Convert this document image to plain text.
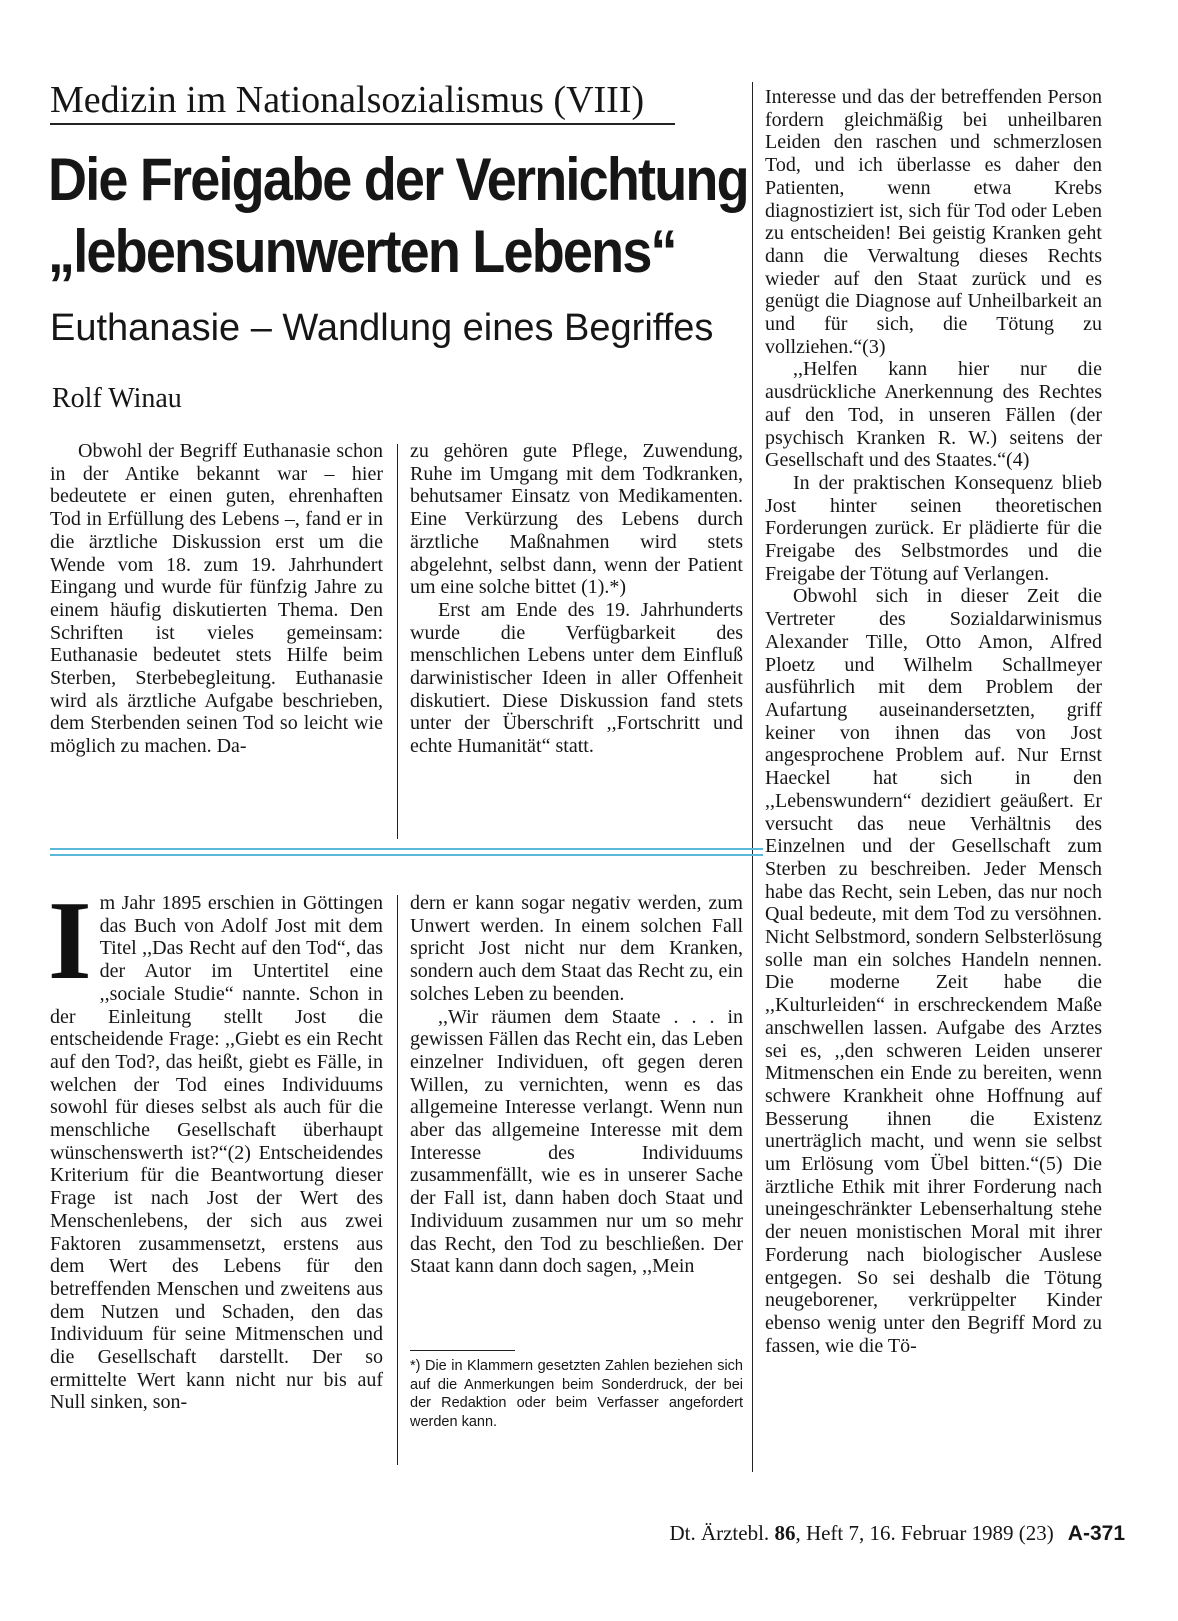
Medizin im Nationalsozialismus (VIII)
Die Freigabe der Vernichtung
„lebensunwerten Lebens“
Euthanasie – Wandlung eines Begriffes
Rolf Winau

Obwohl der Begriff Euthanasie schon in der Antike bekannt war – hier bedeutete er einen guten, ehrenhaften Tod in Erfüllung des Lebens –, fand er in die ärztliche Diskussion erst um die Wende vom 18. zum 19. Jahrhundert Eingang und wurde für fünfzig Jahre zu einem häufig diskutierten Thema. Den Schriften ist vieles gemeinsam: Euthanasie bedeutet stets Hilfe beim Sterben, Sterbebegleitung. Euthanasie wird als ärztliche Aufgabe beschrieben, dem Sterbenden seinen Tod so leicht wie möglich zu machen. Da-

zu gehören gute Pflege, Zuwendung, Ruhe im Umgang mit dem Todkranken, behutsamer Einsatz von Medikamenten. Eine Verkürzung des Lebens durch ärztliche Maßnahmen wird stets abgelehnt, selbst dann, wenn der Patient um eine solche bittet (1).*)

Erst am Ende des 19. Jahrhunderts wurde die Verfügbarkeit des menschlichen Lebens unter dem Einfluß darwinistischer Ideen in aller Offenheit diskutiert. Diese Diskussion fand stets unter der Überschrift ,,Fortschritt und echte Humanität“ statt.

Im Jahr 1895 erschien in Göttingen das Buch von Adolf Jost mit dem Titel ,,Das Recht auf den Tod“, das der Autor im Untertitel eine ,,sociale Studie“ nannte. Schon in der Einleitung stellt Jost die entscheidende Frage: ,,Giebt es ein Recht auf den Tod?, das heißt, giebt es Fälle, in welchen der Tod eines Individuums sowohl für dieses selbst als auch für die menschliche Gesellschaft überhaupt wünschenswerth ist?“(2) Entscheidendes Kriterium für die Beantwortung dieser Frage ist nach Jost der Wert des Menschenlebens, der sich aus zwei Faktoren zusammensetzt, erstens aus dem Wert des Lebens für den betreffenden Menschen und zweitens aus dem Nutzen und Schaden, den das Individuum für seine Mitmenschen und die Gesellschaft darstellt. Der so ermittelte Wert kann nicht nur bis auf Null sinken, son-

dern er kann sogar negativ werden, zum Unwert werden. In einem solchen Fall spricht Jost nicht nur dem Kranken, sondern auch dem Staat das Recht zu, ein solches Leben zu beenden.

,,Wir räumen dem Staate . . . in gewissen Fällen das Recht ein, das Leben einzelner Individuen, oft gegen deren Willen, zu vernichten, wenn es das allgemeine Interesse verlangt. Wenn nun aber das allgemeine Interesse mit dem Interesse des Individuums zusammenfällt, wie es in unserer Sache der Fall ist, dann haben doch Staat und Individuum zusammen nur um so mehr das Recht, den Tod zu beschließen. Der Staat kann dann doch sagen, ,,Mein

*) Die in Klammern gesetzten Zahlen beziehen sich auf die Anmerkungen beim Sonderdruck, der bei der Redaktion oder beim Verfasser angefordert werden kann.

Interesse und das der betreffenden Person fordern gleichmäßig bei unheilbaren Leiden den raschen und schmerzlosen Tod, und ich überlasse es daher den Patienten, wenn etwa Krebs diagnostiziert ist, sich für Tod oder Leben zu entscheiden! Bei geistig Kranken geht dann die Verwaltung dieses Rechts wieder auf den Staat zurück und es genügt die Diagnose auf Unheilbarkeit an und für sich, die Tötung zu vollziehen.“(3)

,,Helfen kann hier nur die ausdrückliche Anerkennung des Rechtes auf den Tod, in unseren Fällen (der psychisch Kranken R. W.) seitens der Gesellschaft und des Staates.“(4)

In der praktischen Konsequenz blieb Jost hinter seinen theoretischen Forderungen zurück. Er plädierte für die Freigabe des Selbstmordes und die Freigabe der Tötung auf Verlangen.

Obwohl sich in dieser Zeit die Vertreter des Sozialdarwinismus Alexander Tille, Otto Amon, Alfred Ploetz und Wilhelm Schallmeyer ausführlich mit dem Problem der Aufartung auseinandersetzten, griff keiner von ihnen das von Jost angesprochene Problem auf. Nur Ernst Haeckel hat sich in den ,,Lebenswundern“ dezidiert geäußert. Er versucht das neue Verhältnis des Einzelnen und der Gesellschaft zum Sterben zu beschreiben. Jeder Mensch habe das Recht, sein Leben, das nur noch Qual bedeute, mit dem Tod zu versöhnen. Nicht Selbstmord, sondern Selbsterlösung solle man ein solches Handeln nennen. Die moderne Zeit habe die ,,Kulturleiden“ in erschreckendem Maße anschwellen lassen. Aufgabe des Arztes sei es, ,,den schweren Leiden unserer Mitmenschen ein Ende zu bereiten, wenn schwere Krankheit ohne Hoffnung auf Besserung ihnen die Existenz unerträglich macht, und wenn sie selbst um Erlösung vom Übel bitten.“(5) Die ärztliche Ethik mit ihrer Forderung nach uneingeschränkter Lebenserhaltung stehe der neuen monistischen Moral mit ihrer Forderung nach biologischer Auslese entgegen. So sei deshalb die Tötung neugeborener, verkrüppelter Kinder ebenso wenig unter den Begriff Mord zu fassen, wie die Tö-

Dt. Ärztebl. 86, Heft 7, 16. Februar 1989 (23) A-371
